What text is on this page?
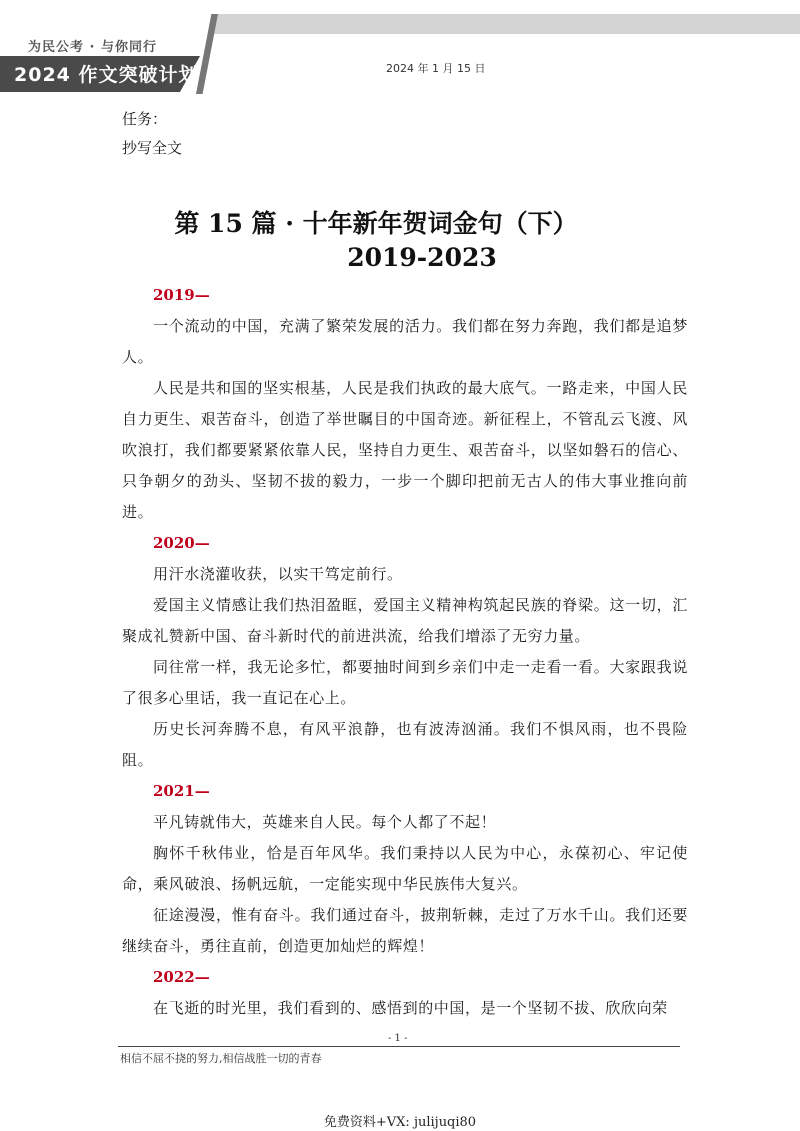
为民公考 · 与你同行
2024 作文突破计划	2024 年 1 月 15 日
任务：
抄写全文
第 15 篇 · 十年新年贺词金句（下）
2019-2023

2019—

一个流动的中国，充满了繁荣发展的活力。我们都在努力奔跑，我们都是追梦人。

人民是共和国的坚实根基，人民是我们执政的最大底气。一路走来，中国人民自力更生、艰苦奋斗，创造了举世瞩目的中国奇迹。新征程上，不管乱云飞渡、风吹浪打，我们都要紧紧依靠人民，坚持自力更生、艰苦奋斗，以坚如磐石的信心、只争朝夕的劲头、坚韧不拔的毅力，一步一个脚印把前无古人的伟大事业推向前进。

2020—

用汗水浇灌收获，以实干笃定前行。

爱国主义情感让我们热泪盈眶，爱国主义精神构筑起民族的脊梁。这一切，汇聚成礼赞新中国、奋斗新时代的前进洪流，给我们增添了无穷力量。

同往常一样，我无论多忙，都要抽时间到乡亲们中走一走看一看。大家跟我说了很多心里话，我一直记在心上。

历史长河奔腾不息，有风平浪静，也有波涛汹涌。我们不惧风雨，也不畏险阻。

2021—

平凡铸就伟大，英雄来自人民。每个人都了不起！

胸怀千秋伟业，恰是百年风华。我们秉持以人民为中心，永葆初心、牢记使命，乘风破浪、扬帆远航，一定能实现中华民族伟大复兴。

征途漫漫，惟有奋斗。我们通过奋斗，披荆斩棘，走过了万水千山。我们还要继续奋斗，勇往直前，创造更加灿烂的辉煌！

2022—

在飞逝的时光里，我们看到的、感悟到的中国，是一个坚韧不拔、欣欣向荣

- 1 -
相信不屈不挠的努力,相信战胜一切的青春
免费资料+VX: julijuqi80
